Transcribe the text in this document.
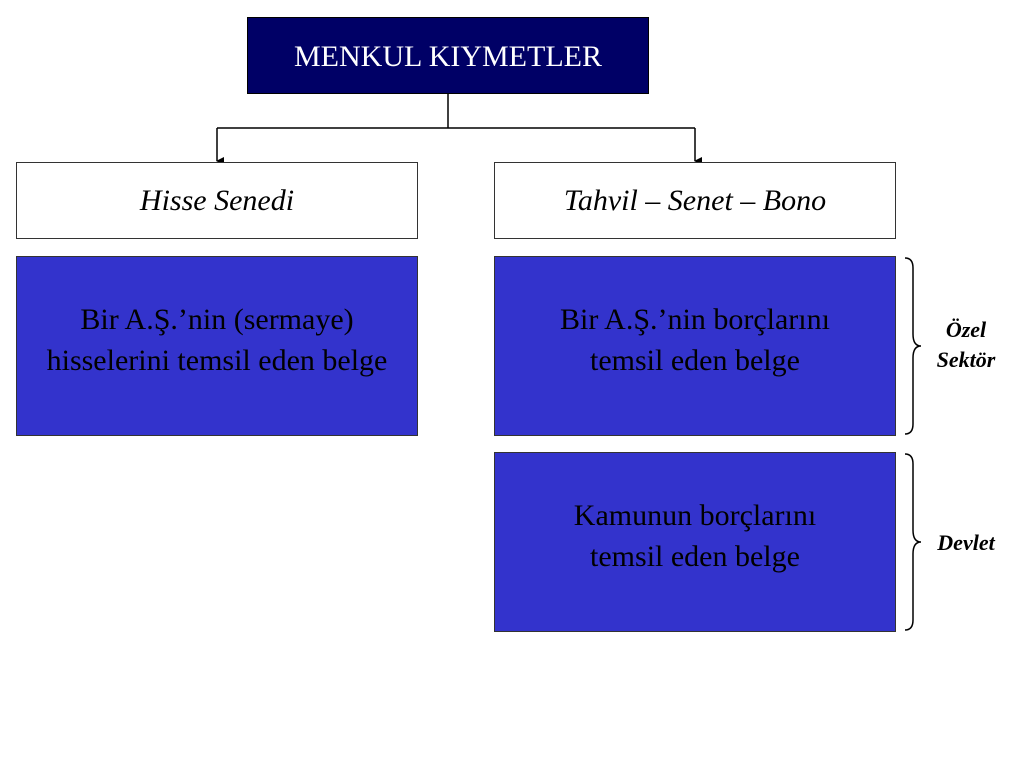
MENKUL KIYMETLER
Hisse Senedi	Tahvil – Senet – Bono
Bir A.Ş.’nin (sermaye)
hisselerini temsil eden belge
Bir A.Ş.’nin borçlarını
temsil eden belge
Kamunun borçlarını
temsil eden belge
Özel
Sektör
Devlet
